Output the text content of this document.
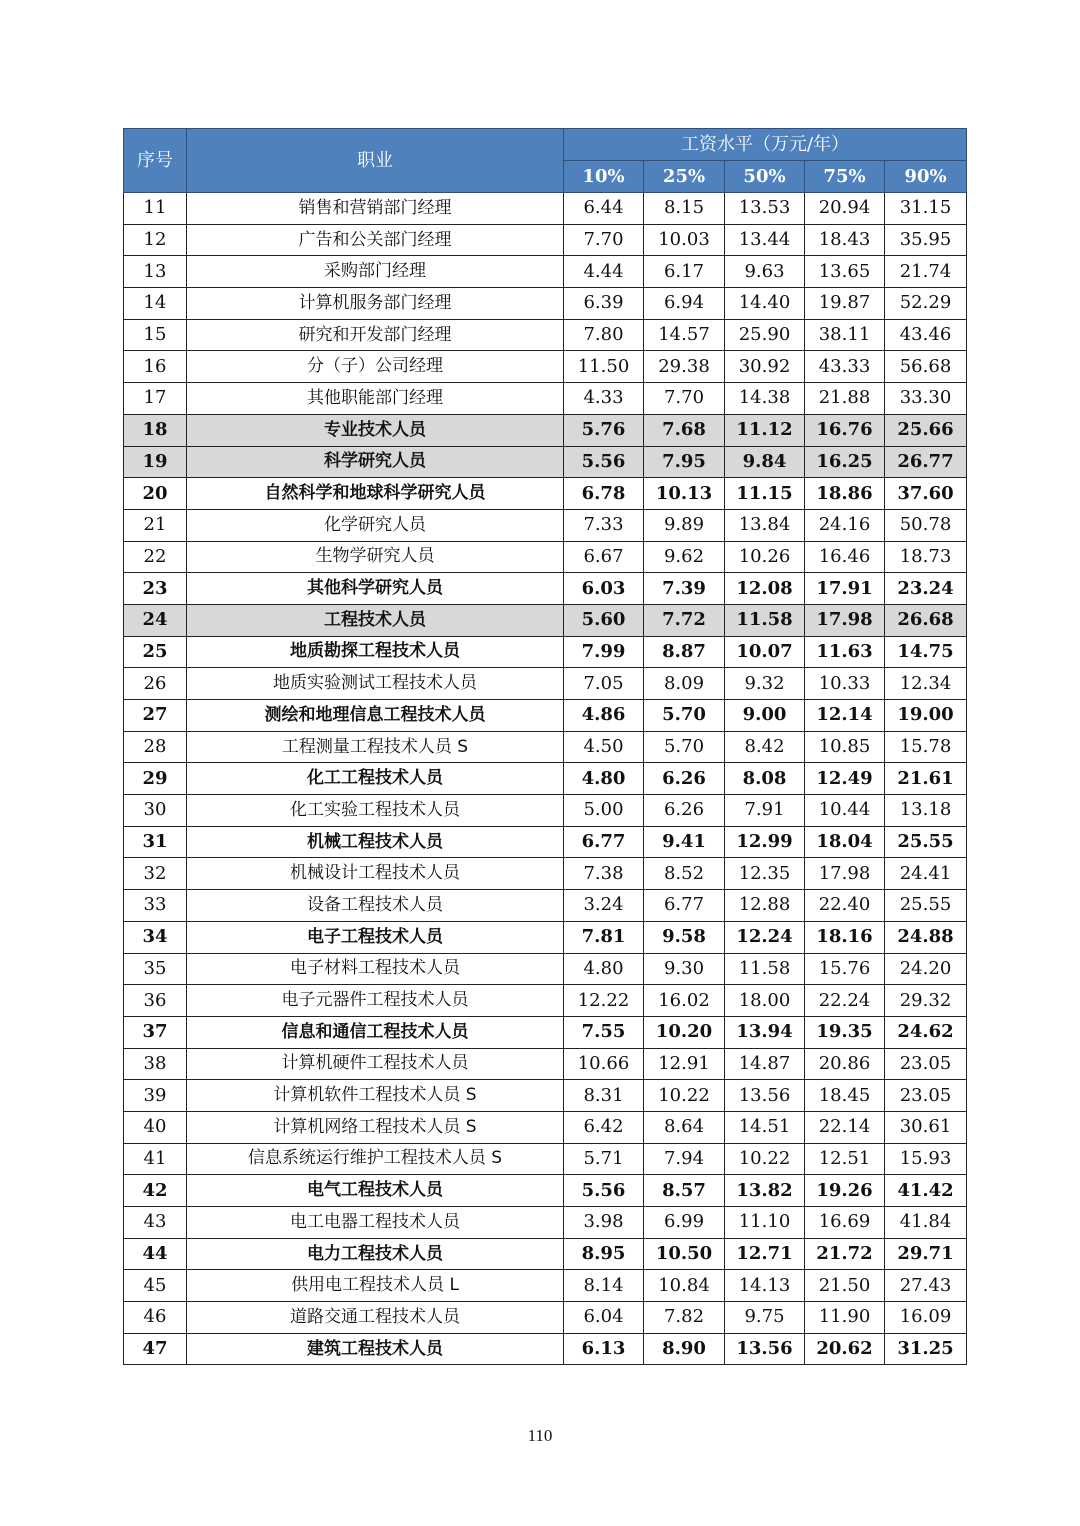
序号	职业	工资水平（万元/年）				
		10%	25%	50%	75%	90%
11	销售和营销部门经理	6.44	8.15	13.53	20.94	31.15
12	广告和公关部门经理	7.70	10.03	13.44	18.43	35.95
13	采购部门经理	4.44	6.17	9.63	13.65	21.74
14	计算机服务部门经理	6.39	6.94	14.40	19.87	52.29
15	研究和开发部门经理	7.80	14.57	25.90	38.11	43.46
16	分（子）公司经理	11.50	29.38	30.92	43.33	56.68
17	其他职能部门经理	4.33	7.70	14.38	21.88	33.30
18	专业技术人员	5.76	7.68	11.12	16.76	25.66
19	科学研究人员	5.56	7.95	9.84	16.25	26.77
20	自然科学和地球科学研究人员	6.78	10.13	11.15	18.86	37.60
21	化学研究人员	7.33	9.89	13.84	24.16	50.78
22	生物学研究人员	6.67	9.62	10.26	16.46	18.73
23	其他科学研究人员	6.03	7.39	12.08	17.91	23.24
24	工程技术人员	5.60	7.72	11.58	17.98	26.68
25	地质勘探工程技术人员	7.99	8.87	10.07	11.63	14.75
26	地质实验测试工程技术人员	7.05	8.09	9.32	10.33	12.34
27	测绘和地理信息工程技术人员	4.86	5.70	9.00	12.14	19.00
28	工程测量工程技术人员 S	4.50	5.70	8.42	10.85	15.78
29	化工工程技术人员	4.80	6.26	8.08	12.49	21.61
30	化工实验工程技术人员	5.00	6.26	7.91	10.44	13.18
31	机械工程技术人员	6.77	9.41	12.99	18.04	25.55
32	机械设计工程技术人员	7.38	8.52	12.35	17.98	24.41
33	设备工程技术人员	3.24	6.77	12.88	22.40	25.55
34	电子工程技术人员	7.81	9.58	12.24	18.16	24.88
35	电子材料工程技术人员	4.80	9.30	11.58	15.76	24.20
36	电子元器件工程技术人员	12.22	16.02	18.00	22.24	29.32
37	信息和通信工程技术人员	7.55	10.20	13.94	19.35	24.62
38	计算机硬件工程技术人员	10.66	12.91	14.87	20.86	23.05
39	计算机软件工程技术人员 S	8.31	10.22	13.56	18.45	23.05
40	计算机网络工程技术人员 S	6.42	8.64	14.51	22.14	30.61
41	信息系统运行维护工程技术人员 S	5.71	7.94	10.22	12.51	15.93
42	电气工程技术人员	5.56	8.57	13.82	19.26	41.42
43	电工电器工程技术人员	3.98	6.99	11.10	16.69	41.84
44	电力工程技术人员	8.95	10.50	12.71	21.72	29.71
45	供用电工程技术人员 L	8.14	10.84	14.13	21.50	27.43
46	道路交通工程技术人员	6.04	7.82	9.75	11.90	16.09
47	建筑工程技术人员	6.13	8.90	13.56	20.62	31.25
110
